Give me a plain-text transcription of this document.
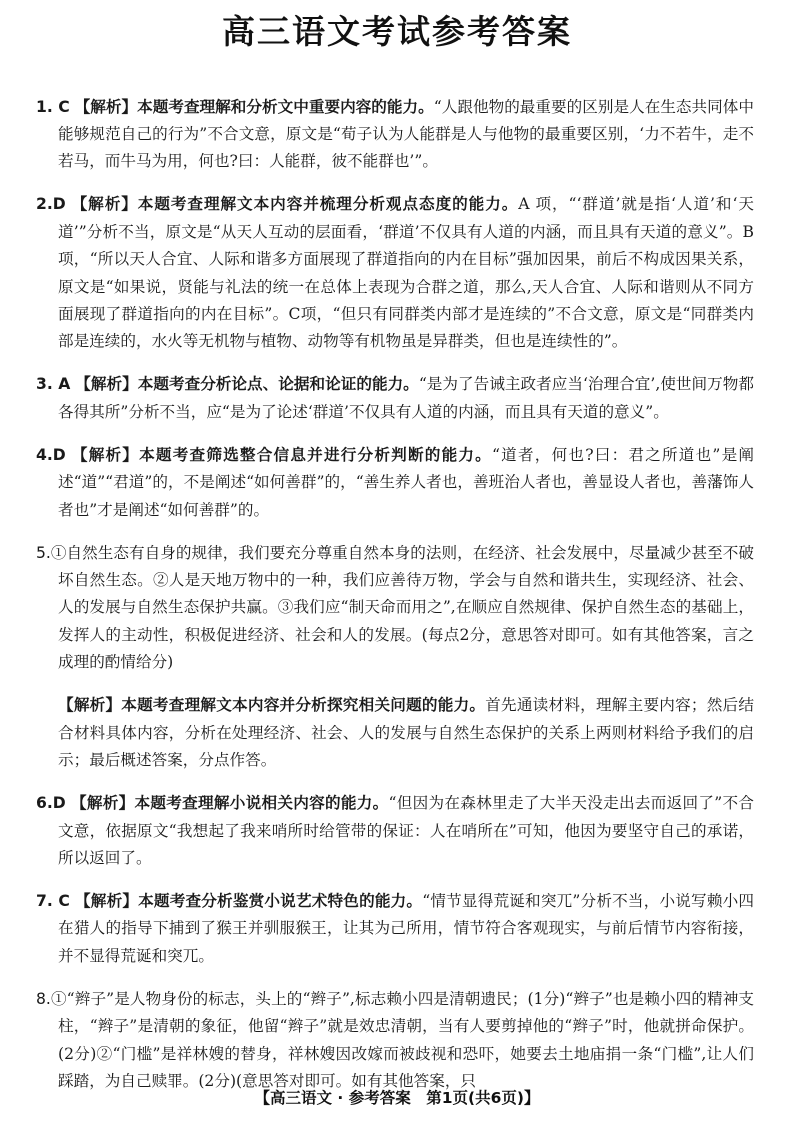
高三语文考试参考答案

1. C 【解析】本题考查理解和分析文中重要内容的能力。“人跟他物的最重要的区别是人在生态共同体中能够规范自己的行为”不合文意，原文是“荀子认为人能群是人与他物的最重要区别，‘力不若牛，走不若马，而牛马为用，何也?曰：人能群，彼不能群也’”。

2.D 【解析】本题考查理解文本内容并梳理分析观点态度的能力。A 项，“‘群道’就是指‘人道’和‘天道’”分析不当，原文是“从天人互动的层面看，‘群道’不仅具有人道的内涵，而且具有天道的意义”。B项，“所以天人合宜、人际和谐多方面展现了群道指向的内在目标”强加因果，前后不构成因果关系，原文是“如果说，贤能与礼法的统一在总体上表现为合群之道，那么,天人合宜、人际和谐则从不同方面展现了群道指向的内在目标”。C项，“但只有同群类内部才是连续的”不合文意，原文是“同群类内部是连续的，水火等无机物与植物、动物等有机物虽是异群类，但也是连续性的”。

3. A 【解析】本题考查分析论点、论据和论证的能力。“是为了告诫主政者应当‘治理合宜’,使世间万物都各得其所”分析不当，应“是为了论述‘群道’不仅具有人道的内涵，而且具有天道的意义”。

4.D 【解析】本题考查筛选整合信息并进行分析判断的能力。“道者，何也?曰：君之所道也”是阐述“道”“君道”的，不是阐述“如何善群”的，“善生养人者也，善班治人者也，善显设人者也，善藩饰人者也”才是阐述“如何善群”的。

5.①自然生态有自身的规律，我们要充分尊重自然本身的法则，在经济、社会发展中，尽量减少甚至不破坏自然生态。②人是天地万物中的一种，我们应善待万物，学会与自然和谐共生，实现经济、社会、人的发展与自然生态保护共赢。③我们应“制天命而用之”,在顺应自然规律、保护自然生态的基础上，发挥人的主动性，积极促进经济、社会和人的发展。(每点2分，意思答对即可。如有其他答案，言之成理的酌情给分)

【解析】本题考查理解文本内容并分析探究相关问题的能力。首先通读材料，理解主要内容；然后结合材料具体内容，分析在处理经济、社会、人的发展与自然生态保护的关系上两则材料给予我们的启示；最后概述答案，分点作答。

6.D 【解析】本题考查理解小说相关内容的能力。“但因为在森林里走了大半天没走出去而返回了”不合文意，依据原文“我想起了我来哨所时给管带的保证：人在哨所在”可知，他因为要坚守自己的承诺，所以返回了。

7. C 【解析】本题考查分析鉴赏小说艺术特色的能力。“情节显得荒诞和突兀”分析不当，小说写赖小四在猎人的指导下捕到了猴王并驯服猴王，让其为己所用，情节符合客观现实，与前后情节内容衔接，并不显得荒诞和突兀。

8.①“辫子”是人物身份的标志，头上的“辫子”,标志赖小四是清朝遗民；(1分)“辫子”也是赖小四的精神支柱，“辫子”是清朝的象征，他留“辫子”就是效忠清朝，当有人要剪掉他的“辫子”时，他就拼命保护。(2分)②“门槛”是祥林嫂的替身，祥林嫂因改嫁而被歧视和恐吓，她要去土地庙捐一条“门槛”,让人们踩踏，为自己赎罪。(2分)(意思答对即可。如有其他答案，只

【高三语文 · 参考答案　第1页(共6页)】
